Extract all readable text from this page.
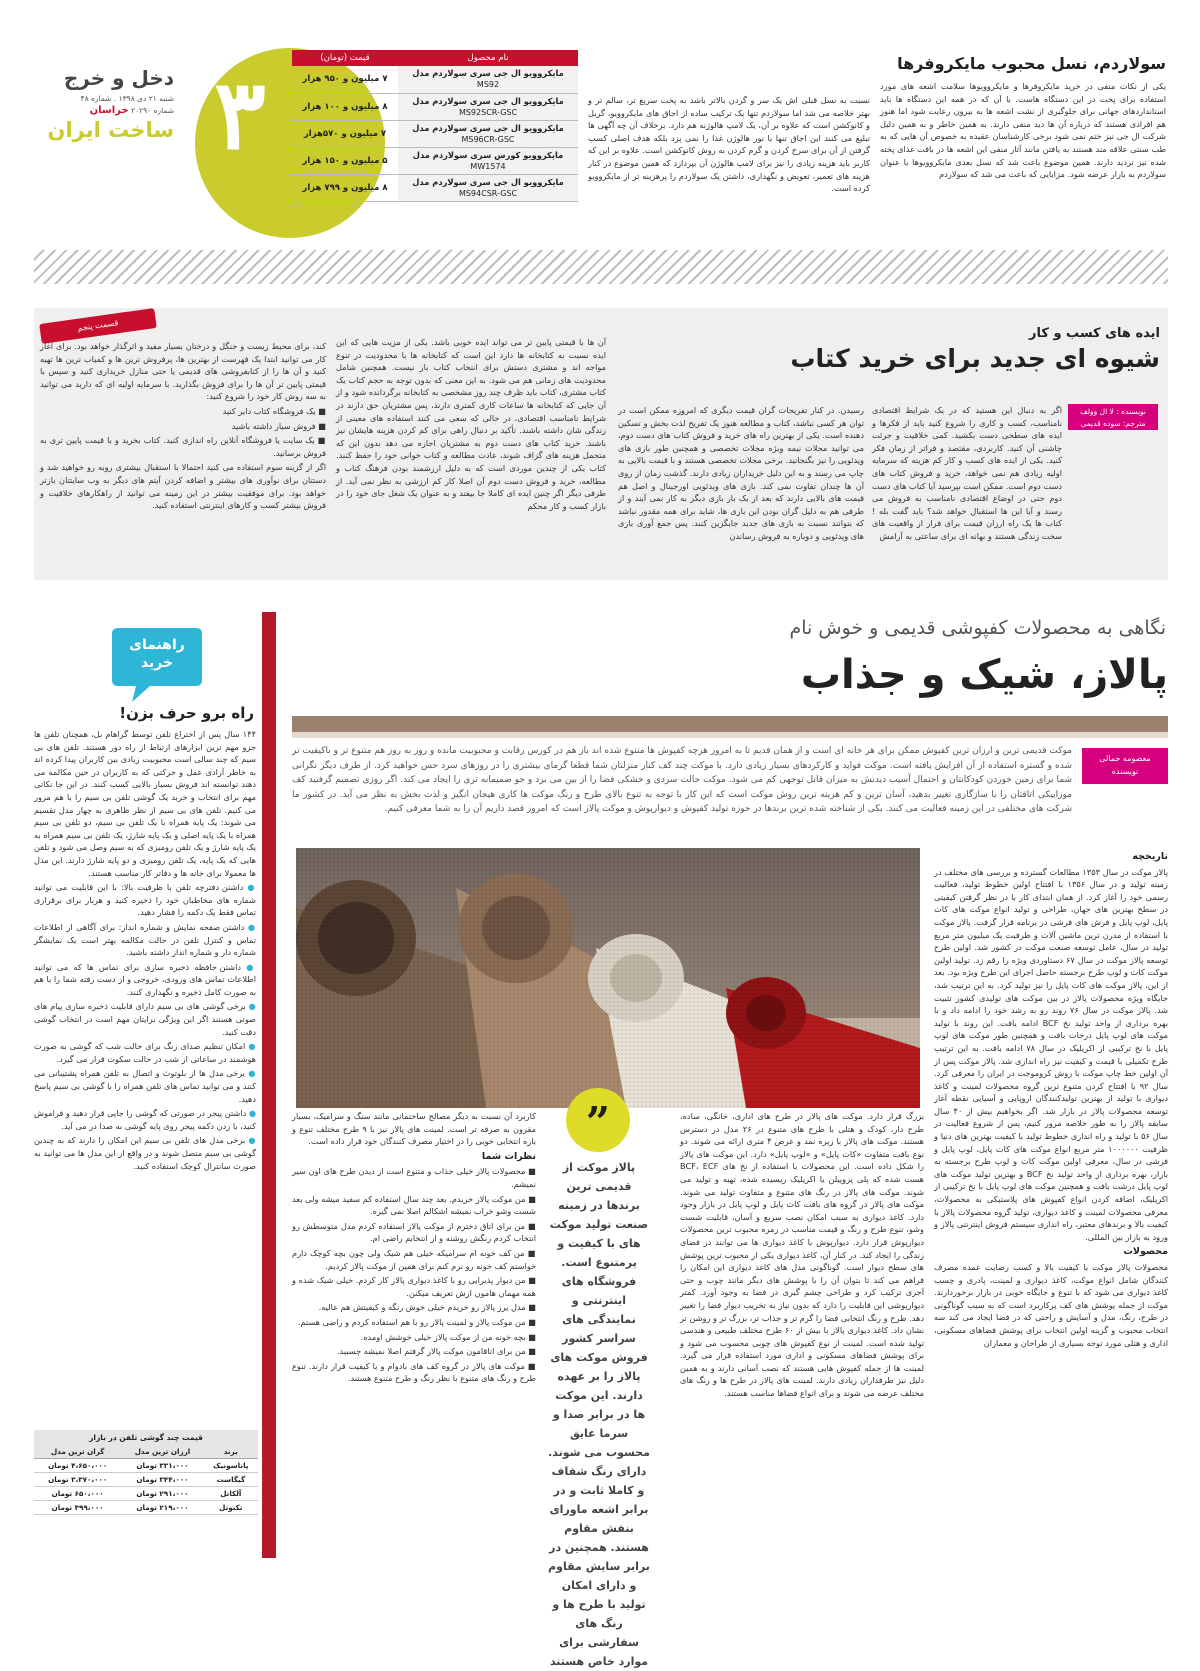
۳
دخل و خرج
شنبه ۲۱ دی ۱۳۹۸ . شماره ۴۸
شماره ۲۰۲۹۰ خراسان
ساخت ایران
نام محصول	قیمت (تومان)
مایکروویو ال جی سری سولاردم مدل
MS92	۷ میلیون و ۹۵۰ هزار
مایکروویو ال جی سری سولاردم مدل
MS92SCR-GSC	۸ میلیون و ۱۰۰ هزار
مایکروویو ال جی سری سولاردم مدل
MS96CR-GSC	۷ میلیون و ۵۷۰هزار
مایکروویو کورس سری سولاردم مدل
MW1574	۵ میلیون و ۱۵۰ هزار
مایکروویو ال جی سری سولاردم مدل
MS94CSR-GSC	۸ میلیون و ۷۹۹ هزار
سولاردم، نسل محبوب مایکروفرها
یکی از نکات منفی در خرید مایکروفرها و مایکروویوها سلامت اشعه های مورد استفاده برای پخت در این دستگاه هاست. با آن که در همه این دستگاه ها باید استانداردهای جهانی برای جلوگیری از نشت اشعه ها به بیرون رعایت شود اما هنوز هم افرادی هستند که درباره آن ها دید منفی دارند. به همین خاطر و به همین دلیل شرکت ال جی نیز ختم نمی شود برخی کارشناسان عقیده به خصوص آن هایی که به طب سنتی علاقه مند هستند به یافتن مانند آثار منفی این اشعه ها در بافت غذای پخته شده نیز تردید دارند. همین موضوع باعث شد که نسل بعدی مایکروویوها با عنوان سولاردم به بازار عرضه شود. مزایایی که باعث می شد که سولاردم
نسبت به نسل قبلی اش یک سر و گردن بالاتر باشد به پخت سریع تر، سالم تر و بهتر خلاصه می شد اما سولاردم تنها یک ترکیب ساده از اجاق های مایکروویو، گریل و کانوکشن است که علاوه بر آن، یک لامپ هالوژنه هم دارد. برخلاف آن چه آگهی ها تبلیغ می کنند این اجاق تنها با نور هالوژن غذا را نمی پزد بلکه هدف اصلی کسب گرفتن از آن برای سرخ کردن و گرم کردن به روش کانوکشن است. علاوه بر این که کاربر باید هزینه زیادی را نیز برای لامپ هالوژن آن بپردازد که همین موضوع در کنار هزینه های تعمیر، تعویض و نگهداری، داشتن یک سولاردم را پرهزینه تر از مایکروویو کرده است.
قسمت پنجم
ایده های کسب و کار
شیوه ای جدید برای خرید کتاب
نویسنده : لا ال وولف
مترجم: سوده قدیمی
اگر به دنبال این هستید که در یک شرایط اقتصادی نامناسب، کسب و کاری را شروع کنید باید از فکرها و ایده های سطحی دست بکشید. کمی خلاقیت و جرئت چاشنی آن کنید. کاربردی، مقتصد و فراتر از زمان فکر کنید. یکی از ایده های کسب و کار کم هزینه که سرمایه اولیه زیادی هم نمی خواهد، خرید و فروش کتاب های دست دوم است. ممکن است بپرسید آیا کتاب های دست دوم حتی در اوضاع اقتصادی نامناسب به فروش می رسند و آیا این ها استقبال خواهد شد؟ باید گفت بله ! کتاب ها یک راه ارزان قیمت برای فرار از واقعیت های سخت زندگی هستند و بهانه ای برای ساعتی به آرامش
رسیدن. در کنار تفریحات گران قیمت دیگری که امروزه ممکن است در توان هر کسی نباشد، کتاب و مطالعه هنوز یک تفریح لذت بخش و تسکین دهنده است. یکی از بهترین راه های خرید و فروش کتاب های دست دوم، می توانید مجلات نیمه ویژه مجلات تخصصی و همچنین طور بازی های ویدئویی را نیز بگنجانید. برخی مجلات تخصصی هستند و با قیمت بالایی به چاپ می رسند و به این دلیل خریداران زیادی دارند. گذشت زمان از روی آن ها چندان تفاوت نمی کند. بازی های ویدئویی اورجینال و اصل هم قیمت های بالایی دارند که بعد از یک بار بازی دیگر به کار نمی آیند و از طرفی هم به دلیل گران بودن این بازی ها، شاید برای همه مقدور نباشد که بتوانند نسبت به بازی های جدید جایگزین کنند. پس جمع آوری بازی های ویدئویی و دوباره به فروش رساندن
آن ها با قیمتی پایین تر می تواند ایده خوبی باشد. یکی از مزیت هایی که این ایده نسبت به کتابخانه ها دارد این است که کتابخانه ها با محدودیت در تنوع مواجه اند و مشتری دستش برای انتخاب کتاب باز نیست. همچنین شامل محدودیت های زمانی هم می شود. به این معنی که بدون توجه به حجم کتاب یک کتاب مشتری، کتاب باید ظرف چند روز مشخصی به کتابخانه برگردانده شود و از آن جایی که کتابخانه ها ساعات کاری کمتری دارند، پس مشتریان حق دارند در شرایط نامناسب اقتصادی، در حالی که سعی می کنند استفاده های معینی از زندگی شان داشته باشند. تأکید بر دنبال راهی برای کم کردن هزینه هایشان نیز باشند. خرید کتاب های دست دوم به مشتریان اجازه می دهد بدون این که متحمل هزینه های گزاف شوند، عادت مطالعه و کتاب خوانی خود را حفظ کنند. کتاب یکی از چندین موردی است که به دلیل ارزشمند بودن فرهنگ کتاب و مطالعه، خرید و فروش دست دوم آن اصلا کار کم ارزشی به نظر نمی آید. از طرفی دیگر اگر چنین ایده ای کاملا جا بیفتد و به عنوان یک شغل جای خود را در بازار کسب و کار محکم

کند، برای محیط زیست و جنگل و درختان بسیار مفید و اثرگذار خواهد بود. برای آغاز کار می توانید ابتدا یک فهرست از بهترین ها، پرفروش ترین ها و کمیاب ترین ها تهیه کنید و آن ها را از کتابفروشی های قدیمی یا حتی منازل خریداری کنید و سپس با قیمتی پایین تر آن ها را برای فروش بگذارید. با سرمایه اولیه ای که دارید می توانید به سه روش کار خود را شروع کنید:

■ یک فروشگاه کتاب دایر کنید

■ فروش سیار داشته باشید

■ یک سایت یا فروشگاه آنلاین راه اندازی کنید. کتاب بخرید و با قیمت پایین تری به فروش برسانید.

اگر از گزینه سوم استفاده می کنید احتمالا با استقبال بیشتری روبه رو خواهید شد و دستتان برای نوآوری های بیشتر و اضافه کردن آیتم های دیگر به وب سایتتان بازتر خواهد بود. برای موفقیت بیشتر در این زمینه می توانید از راهکارهای خلاقیت و فروش بیشتر کسب و کارهای اینترنتی استفاده کنید.

نگاهی به محصولات کفپوشی قدیمی و خوش نام
پالاز، شیک و جذاب
معصومه جمالی
نویسنده
موکت قدیمی ترین و ارزان ترین کفپوش ممکن برای هر خانه ای است و از همان قدیم تا به امروز هرچه کفپوش ها متنوع شده اند باز هم در کورس رقابت و محبوبیت مانده و روز به روز هم متنوع تر و باکیفیت تر شده و گستره استفاده از آن افزایش یافته است. موکت فواید و کارکردهای بسیار زیادی دارد. با موکت چند کف کنار منزلتان شما قطعا گرمای بیشتری را در روزهای سرد حس خواهید کرد. از طرف دیگر نگرانی شما برای زمین خوردن کودکانتان و احتمال آسیب دیدنش به میزان قابل توجهی کم می شود. موکت حالت سردی و خشکی فضا را از بین می برد و جو صمیمانه تری را ایجاد می کند. اگر روزی تصمیم گرفتید کف موزاییکی اتاقتان را با سازگاری تغییر بدهید، آسان ترین و کم هزینه ترین روش موکت است که این کار با توجه به تنوع بالای طرح و رنگ موکت ها کاری هیجان انگیز و لذت بخش به نظر می آید. در کشور ما شرکت های مختلفی در این زمینه فعالیت می کنند. یکی از شناخته شده ترین برندها در حوزه تولید کفپوش و دیوارپوش و موکت پالاز است که امروز قصد داریم آن را به شما معرفی کنیم.
تاریخچه

پالاز موکت در سال ۱۳۵۳ مطالعات گسترده و بررسی های مختلف در زمینه تولید و در سال ۱۳۵۶ با افتتاح اولین خطوط تولید، فعالیت رسمی خود را آغاز کرد. از همان ابتدای کار با در نظر گرفتن کیفیتی در سطح بهترین های جهان، طراحی و تولید انواع موکت های کات پایل، لوپ پایل و فرش های فرشی در برنامه قرار گرفت. پالاز موکت با استفاده از مدرن ترین ماشین آلات و ظرفیت یک میلیون متر مربع تولید در سال، عامل توسعه صنعت موکت در کشور شد. اولین طرح توسعه پالاز موکت در سال ۶۷ دستاوردی ویژه را رقم زد. تولید اولین موکت کات و لوپ طرح برجسته حاصل اجرای این طرح ویژه بود. بعد از این، پالاز موکت های کات پایل را نیز تولید کرد. به این ترتیب شد، جایگاه ویژه محصولات پالاز در بین موکت های تولیدی کشور تثبیت شد. پالاز موکت در سال ۷۶ روند رو به رشد خود را ادامه داد و با بهره برداری از واحد تولید نخ BCF ادامه یافت. این روند با تولید موکت های لوپ پایل درجات بافت و همچنین طور موکت های لوپ پایل با نخ ترکیبی از اکریلیک در سال ۷۸ ادامه یافت. به این ترتیب طرح تکمیلی با قیمت و کیفیت نیز راه اندازی شد. پالاز موکت پس از آن اولین خط چاپ موکت با روش کروموجت در ایران را معرفی کرد. سال ۹۲ با افتتاح کردن متنوع ترین گروه محصولات لمینت و کاغذ دیواری با تولید از بهترین تولیدکنندگان اروپایی و آسیایی نقطه آغاز توسعه محصولات پالاز در بازار شد. اگر بخواهیم بیش از ۴۰ سال سابقه پالاز را به طور خلاصه مرور کنیم، پس از شروع فعالیت در سال ۵۶ با تولید و راه اندازی خطوط تولید با کیفیت بهترین های دنیا و ظرفیت ۱۰۰۰۰۰۰ متر مربع انواع موکت های کات پایل، لوپ پایل و فرشی در سال، معرفی اولین موکت کات و لوپ طرح برجسته به بازار، بهره برداری از واحد تولید نخ BCF و بهترین تولید موکت های لوپ پایل درشت بافت و همچنین موکت های لوپ پایل با نخ ترکیبی از اکریلیک، اضافه کردن انواع کفپوش های پلاستیکی به محصولات، معرفی محصولات لمینت و کاغذ دیواری، تولید گروه محصولات پالاز با کیفیت بالا و برندهای معتبر، راه اندازی سیستم فروش اینترنتی پالاز و ورود به بازار بین المللی.

محصولات

محصولات پالاز موکت با کیفیت بالا و کسب رضایت عمده مصرف کنندگان شامل انواع موکت، کاغذ دیواری و لمینت، پادری و چسب کاغذ دیواری می شود که با تنوع و جایگاه خوبی در بازار برخوردارند. موکت از جمله پوشش های کف پرکاربرد است که به سبب گوناگونی در طرح، رنگ، مدل و آسایش و راحتی که در فضا ایجاد می کند سه انتخاب محبوب و گزینه اولین انتخاب برای پوشش فضاهای مسکونی، اداری و هتلی مورد توجه بسیاری از طراحان و معماران

بزرگ قرار دارد. موکت های پالاز در طرح های اداری، خانگی، ساده، طرح دار، کودک و هتلی با طرح های متنوع در ۲۶ مدل در دسترس هستند. موکت های پالاز با زیره نمد و عرض ۴ متری ارائه می شوند. دو نوع بافت متفاوت «کات پایل» و «لوپ پایل» دارد. این موکت های پالاز را شکل داده است. این محصولات با استفاده از نخ های BCF، ECF هست شده که پلی پروپیلن یا اکریلیک ریسیده شده، تهیه و تولید می شوند. موکت های پالاز در رنگ های متنوع و متفاوت تولید می شوند. موکت های پالاز در گروه های بافت کات پایل و لوپ پایل در بازار وجود دارد. کاغذ دیواری به سبب امکان نصب سریع و آسان، قابلیت شست وشو، تنوع طرح و رنگ و قیمت مناسب در زمره محبوب ترین محصولات دیوارپوش قرار دارد. دیوارپوش با کاغذ دیواری ها می توانند در فضای زندگی را ایجاد کند. در کنار آن، کاغذ دیواری یکی از محبوب ترین پوشش های سطح دیوار است. گوناگونی مدل های کاغذ دیواری این امکان را فراهم می کند تا بتوان آن را با پوشش های دیگر مانند چوب و حتی آجری ترکیب کرد و طراحی چشم گیری در فضا به وجود آورد. کمتر دیوارپوشی این قابلیت را دارد که بدون نیاز به تخریب دیوار فضا را تغییر دهد. طرح و رنگ انتخابی فضا را گرم تر و جذاب تر، بزرگ تر و روشن تر نشان داد. کاغذ دیواری پالاز با بیش از ۶۰ طرح مختلف طبیعی و هندسی تولید شده است. لمینت از نوع کفپوش های چوبی محسوب می شود و برای پوشش فضاهای مسکونی و اداری مورد استفاده قرار می گیرد. لمینت ها از جمله کفپوش هایی هستند که نصب آسانی دارند و به همین دلیل نیز طرفداران زیادی دارند. لمینت های پالاز در طرح ها و رنگ های مختلف عرضه می شوند و برای انواع فضاها مناسب هستند.
”
پالاز موکت از قدیمی ترین برندها در زمینه صنعت تولید موکت های با کیفیت و پرمتنوع است. فروشگاه های اینترنتی و نمایندگی های سراسر کشور فروش موکت های پالاز را بر عهده دارند. این موکت ها در برابر صدا و سرما عایق محسوب می شوند. دارای رنگ شفاف و کاملا ثابت و در برابر اشعه ماورای بنفش مقاوم هستند. همچنین در برابر سایش مقاوم و دارای امکان تولید با طرح ها و رنگ های سفارشی برای موارد خاص هستند

کاربرد آن نسبت به دیگر مصالح ساختمانی مانند سنگ و سرامیک، بسیار مقرون به صرفه تر است. لمینت های پالاز نیز با ۹ طرح مختلف تنوع و بازه انتخابی خوبی را در اختیار مصرف کنندگان خود قرار داده است.

نظرات شما

■ محصولات پالاز خیلی جذاب و متنوع است از دیدن طرح های اون سیر نمیشم.

■ من موکت پالاز خریدم. بعد چند سال استفاده کم سفید میشه ولی بعد شست وشو خراب نمیشه اشکالم اصلا نمی گیره.

■ من برای اتاق دخترم از موکت پالاز استفاده کردم مدل متوسطش رو انتخاب کردم رنگش روشنه و از انتخابم راضی ام.

■ من کف خونه ام سرامیکه خیلی هم شیک ولی چون بچه کوچک دارم خواستم کف خونه رو نرم کنم برای همین از موکت پالاز کردیم.

■ من دیوار پذیرایی رو با کاغذ دیواری پالاز کار کردم. خیلی شیک شده و همه مهمان هامون ازش تعریف میکنن.

■ مدل یرز پالاز رو خریدم خیلی خوش رنگه و کیفیتش هم عالیه.

■ من موکت پالاز و لمینت پالاز رو با هم استفاده کردم و راضی هستم.

■ بچه خونه من از موکت پالاز خیلی خوشش اومده.

■ من برای اتاقامون موکت پالاز گرفتم اصلا نمیشه چسبید.

■ موکت های پالاز در گروه کف های بادوام و با کیفیت قرار دارند. تنوع طرح و رنگ های متنوع با نظر رنگ و طرح متنوع هستند.

راهنمای خرید
راه برو حرف بزن!

۱۴۴ سال پس از اختراع تلفن توسط گراهام بل، همچنان تلفن ها جزو مهم ترین ابزارهای ارتباط از راه دور هستند. تلفن های بی سیم که چند سالی است محبوبیت زیادی بین کاربران پیدا کرده اند به خاطر آزادی عمل و حرکتی که به کاربران در حین مکالمه می دهند توانسته اند فروش بسیار بالایی کسب کنند. در این جا نکاتی مهم برای انتخاب و خرید یک گوشی تلفن بی سیم را با هم مرور می کنیم. تلفن های بی سیم از نظر ظاهری به چهار مدل تقسیم می شوند: یک پایه همراه با یک تلفن بی سیم، دو تلفن بی سیم همراه با یک پایه اصلی و یک پایه شارژ، یک تلفن بی سیم همراه به یک پایه شارژ و یک تلفن رومیزی که به سیم وصل می شود و تلفن هایی که یک پایه، یک تلفن رومیزی و دو پایه شارژ دارند. این مدل ها معمولا برای خانه ها و دفاتر کار مناسب هستند.

● داشتن دفترچه تلفن با ظرفیت بالا: با این قابلیت می توانید شماره های مخاطبان خود را ذخیره کنید و هربار برای برقراری تماس فقط یک دکمه را فشار دهید.

● داشتن صفحه نمایش و شماره انداز: برای آگاهی از اطلاعات تماس و کنترل تلفن در حالت مکالمه بهتر است یک نمایشگر شماره دار و شماره انداز داشته باشید.

● داشتن حافظه ذخیره سازی برای تماس ها که می توانید اطلاعات تماس های ورودی، خروجی و از دست رفته شما را با هم به صورت کامل ذخیره و نگهداری کنند.

● برخی گوشی های بی سیم دارای قابلیت ذخیره سازی پیام های صوتی هستند اگر این ویژگی برایتان مهم است در انتخاب گوشی دقت کنید.

● امکان تنظیم صدای زنگ برای حالت شب که گوشی به صورت هوشمند در ساعاتی از شب در حالت سکوت قرار می گیرد.

● برخی مدل ها از بلوتوث و اتصال به تلفن همراه پشتیبانی می کنند و می توانید تماس های تلفن همراه را با گوشی بی سیم پاسخ دهید.

● داشتن پیجر در صورتی که گوشی را جایی قرار دهید و فراموش کنید، با زدن دکمه پیجر روی پایه گوشی به صدا در می آید.

● برخی مدل های تلفن بی سیم این امکان را دارند که به چندین گوشی بی سیم متصل شوند و در واقع از این مدل ها می توانید به صورت سانترال کوچک استفاده کنید.

قیمت چند گوشی تلفن در بازار
برند	ارزان ترین مدل	گران ترین مدل
پاناسونیک	۳۳۱،۰۰۰ تومان	۴،۶۵۰،۰۰۰ تومان
گیگاست	۳۴۴،۰۰۰ تومان	۳،۳۷۰،۰۰۰ تومان
آلکاتل	۲۹۱،۰۰۰ تومان	۶۵۰،۰۰۰ تومان
تکنوتل	۲۱۹،۰۰۰ تومان	۴۹۹،۰۰۰ تومان
